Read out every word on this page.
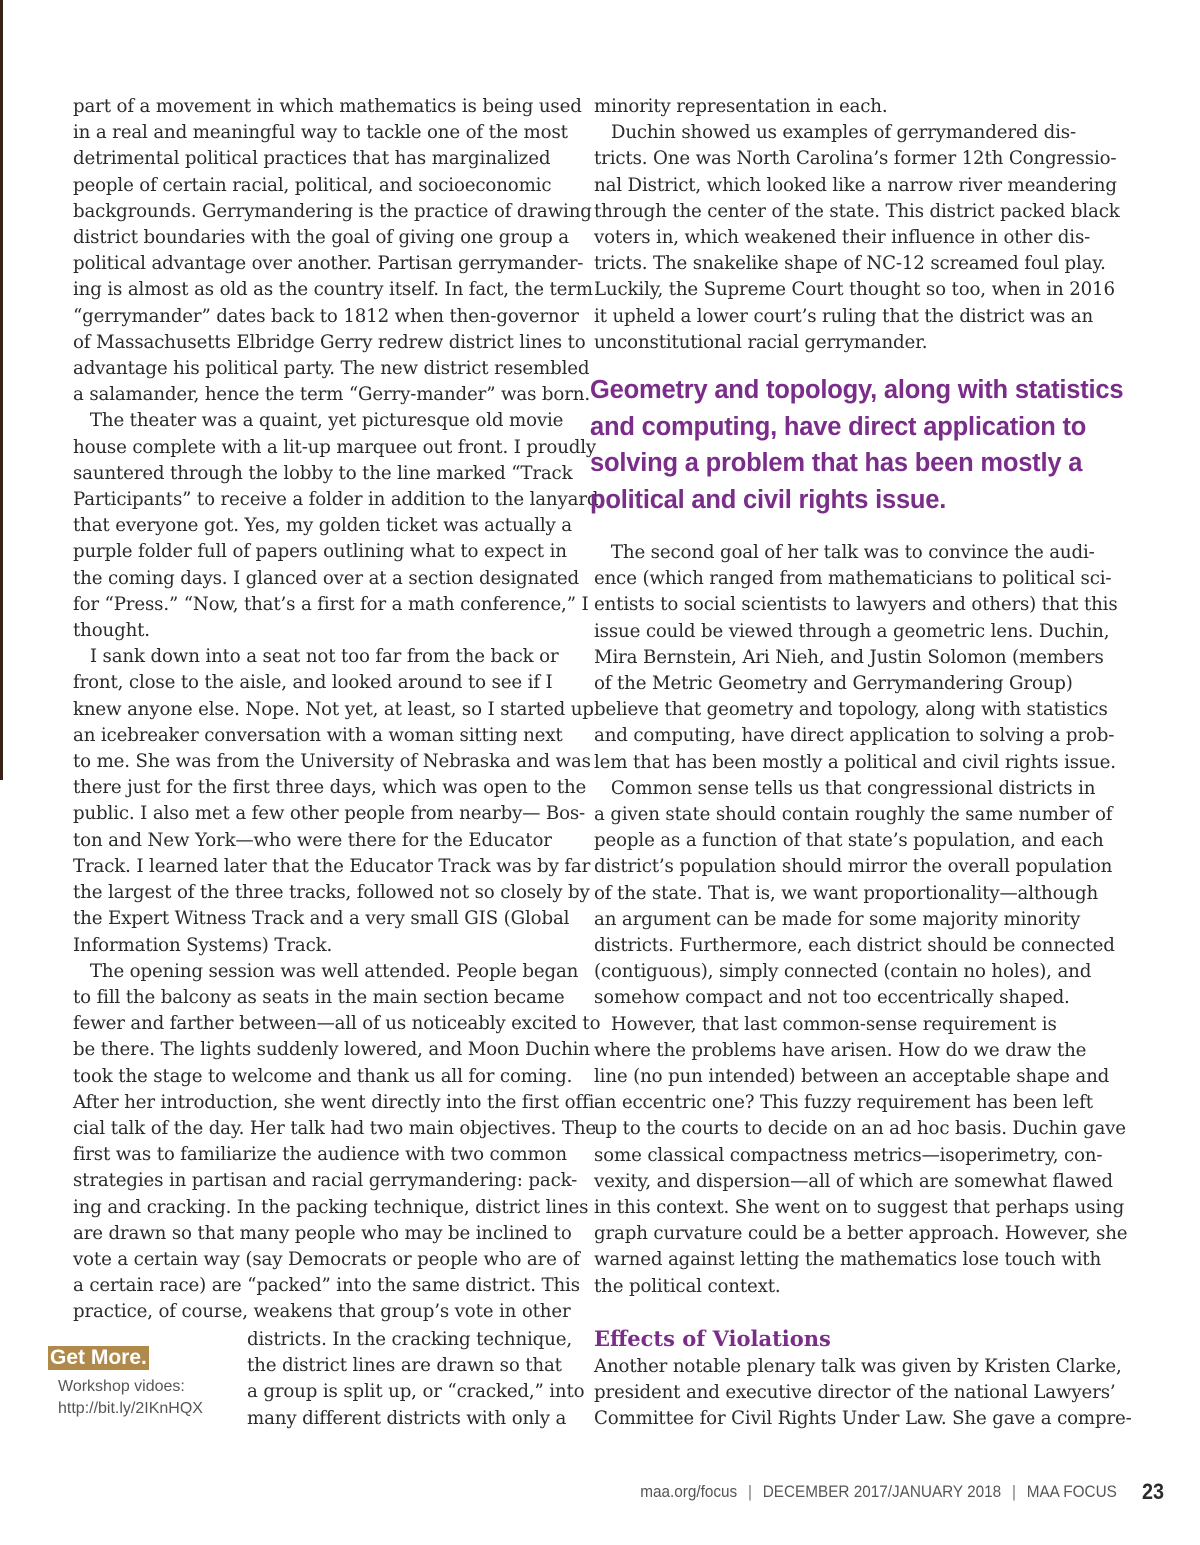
part of a movement in which mathematics is being used
in a real and meaningful way to tackle one of the most
detrimental political practices that has marginalized
people of certain racial, political, and socioeconomic
backgrounds. Gerrymandering is the practice of drawing
district boundaries with the goal of giving one group a
political advantage over another. Partisan gerrymander-
ing is almost as old as the country itself. In fact, the term
“gerrymander” dates back to 1812 when then-governor
of Massachusetts Elbridge Gerry redrew district lines to
advantage his political party. The new district resembled
a salamander, hence the term “Gerry-mander” was born.

The theater was a quaint, yet picturesque old movie
house complete with a lit-up marquee out front. I proudly
sauntered through the lobby to the line marked “Track
Participants” to receive a folder in addition to the lanyard
that everyone got. Yes, my golden ticket was actually a
purple folder full of papers outlining what to expect in
the coming days. I glanced over at a section designated
for “Press.” “Now, that’s a first for a math conference,” I
thought.

I sank down into a seat not too far from the back or
front, close to the aisle, and looked around to see if I
knew anyone else. Nope. Not yet, at least, so I started up
an icebreaker conversation with a woman sitting next
to me. She was from the University of Nebraska and was
there just for the first three days, which was open to the
public. I also met a few other people from nearby— Bos-
ton and New York—who were there for the Educator
Track. I learned later that the Educator Track was by far
the largest of the three tracks, followed not so closely by
the Expert Witness Track and a very small GIS (Global
Information Systems) Track.

The opening session was well attended. People began
to fill the balcony as seats in the main section became
fewer and farther between—all of us noticeably excited to
be there. The lights suddenly lowered, and Moon Duchin
took the stage to welcome and thank us all for coming.
After her introduction, she went directly into the first offi-
cial talk of the day. Her talk had two main objectives. The
first was to familiarize the audience with two common
strategies in partisan and racial gerrymandering: pack-
ing and cracking. In the packing technique, district lines
are drawn so that many people who may be inclined to
vote a certain way (say Democrats or people who are of
a certain race) are “packed” into the same district. This
practice, of course, weakens that group’s vote in other

districts. In the cracking technique,
the district lines are drawn so that
a group is split up, or “cracked,” into
many different districts with only a

Get More.

Workshop vidoes:
http://bit.ly/2IKnHQX

minority representation in each.

Duchin showed us examples of gerrymandered dis-
tricts. One was North Carolina’s former 12th Congressio-
nal District, which looked like a narrow river meandering
through the center of the state. This district packed black
voters in, which weakened their influence in other dis-
tricts. The snakelike shape of NC-12 screamed foul play.
Luckily, the Supreme Court thought so too, when in 2016
it upheld a lower court’s ruling that the district was an
unconstitutional racial gerrymander.

Geometry and topology, along with statistics
and computing, have direct application to
solving a problem that has been mostly a
political and civil rights issue.

The second goal of her talk was to convince the audi-
ence (which ranged from mathematicians to political sci-
entists to social scientists to lawyers and others) that this
issue could be viewed through a geometric lens. Duchin,
Mira Bernstein, Ari Nieh, and Justin Solomon (members
of the Metric Geometry and Gerrymandering Group)
believe that geometry and topology, along with statistics
and computing, have direct application to solving a prob-
lem that has been mostly a political and civil rights issue.

Common sense tells us that congressional districts in
a given state should contain roughly the same number of
people as a function of that state’s population, and each
district’s population should mirror the overall population
of the state. That is, we want proportionality—although
an argument can be made for some majority minority
districts. Furthermore, each district should be connected
(contiguous), simply connected (contain no holes), and
somehow compact and not too eccentrically shaped.

However, that last common-sense requirement is
where the problems have arisen. How do we draw the
line (no pun intended) between an acceptable shape and
an eccentric one? This fuzzy requirement has been left
up to the courts to decide on an ad hoc basis. Duchin gave
some classical compactness metrics—isoperimetry, con-
vexity, and dispersion—all of which are somewhat flawed
in this context. She went on to suggest that perhaps using
graph curvature could be a better approach. However, she
warned against letting the mathematics lose touch with
the political context.

Effects of Violations

Another notable plenary talk was given by Kristen Clarke,
president and executive director of the national Lawyers’
Committee for Civil Rights Under Law. She gave a compre-

maa.org/focus | DECEMBER 2017/JANUARY 2018 | MAA FOCUS 23
